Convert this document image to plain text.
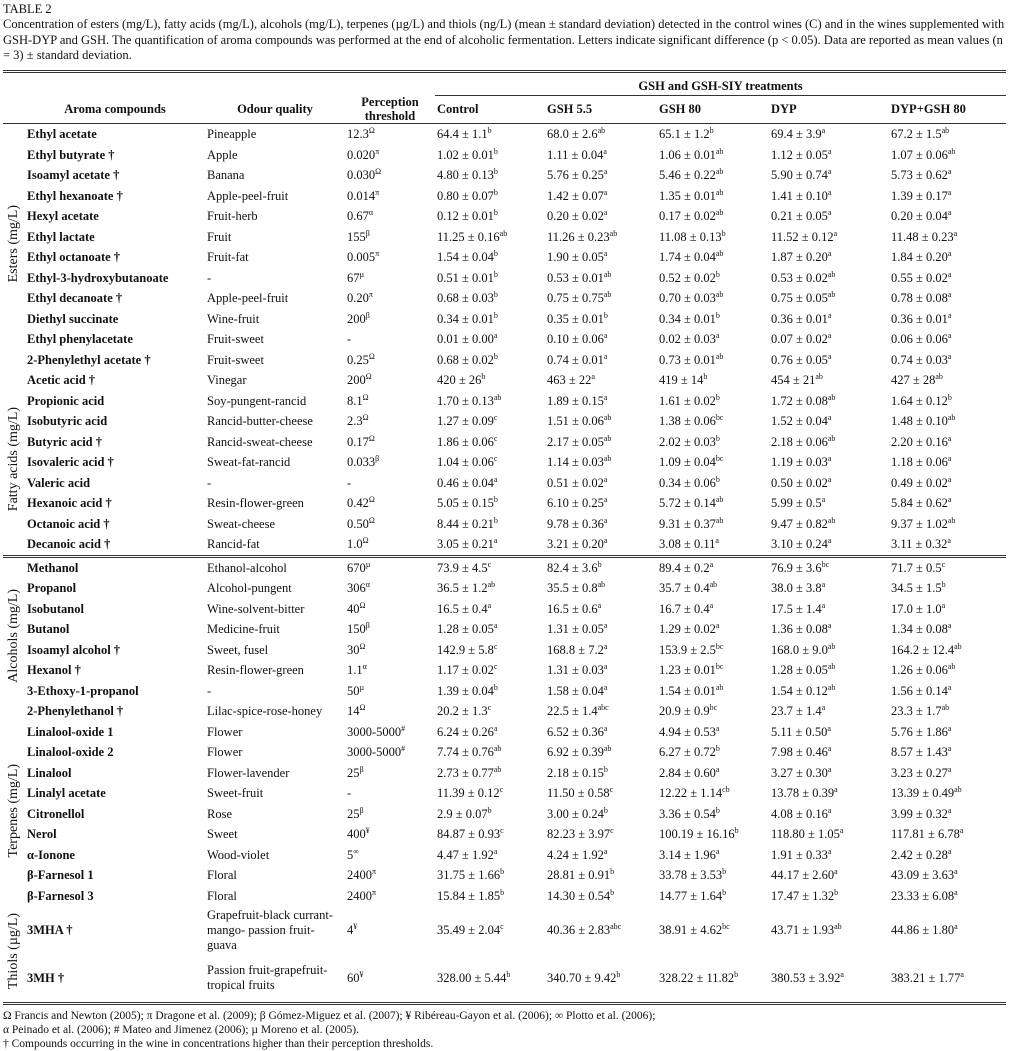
TABLE 2
Concentration of esters (mg/L), fatty acids (mg/L), alcohols (mg/L), terpenes (µg/L) and thiols (ng/L) (mean ± standard deviation) detected in the control wines (C) and in the wines supplemented with GSH-DYP and GSH. The quantification of aroma compounds was performed at the end of alcoholic fermentation. Letters indicate significant difference (p < 0.05). Data are reported as mean values (n = 3) ± standard deviation.
				GSH and GSH-SIY treatments				
	Aroma compounds	Odour quality	Perception threshold	Control	GSH 5.5	GSH 80	DYP	DYP+GSH 80
Esters (mg/L)	Ethyl acetate	Pineapple	$12.3^\Omega$	64.4 ± 1.1$^b$	68.0 ± 2.6$^{ab}$	65.1 ± 1.2$^b$	69.4 ± 3.9$^a$	67.2 ± 1.5$^{ab}$
	Ethyl butyrate †	Apple	$0.020^\pi$	1.02 ± 0.01$^b$	1.11 ± 0.04$^a$	1.06 ± 0.01$^{ab}$	1.12 ± 0.05$^a$	1.07 ± 0.06$^{ab}$
	Isoamyl acetate †	Banana	$0.030^\Omega$	4.80 ± 0.13$^b$	5.76 ± 0.25$^a$	5.46 ± 0.22$^{ab}$	5.90 ± 0.74$^a$	5.73 ± 0.62$^a$
	Ethyl hexanoate †	Apple-peel-fruit	$0.014^\pi$	0.80 ± 0.07$^b$	1.42 ± 0.07$^a$	1.35 ± 0.01$^{ab}$	1.41 ± 0.10$^a$	1.39 ± 0.17$^a$
	Hexyl acetate	Fruit-herb	$0.67^\alpha$	0.12 ± 0.01$^b$	0.20 ± 0.02$^a$	0.17 ± 0.02$^{ab}$	0.21 ± 0.05$^a$	0.20 ± 0.04$^a$
	Ethyl lactate	Fruit	$155^\beta$	11.25 ± 0.16$^{ab}$	11.26 ± 0.23$^{ab}$	11.08 ± 0.13$^b$	11.52 ± 0.12$^a$	11.48 ± 0.23$^a$
	Ethyl octanoate †	Fruit-fat	$0.005^\pi$	1.54 ± 0.04$^b$	1.90 ± 0.05$^a$	1.74 ± 0.04$^{ab}$	1.87 ± 0.20$^a$	1.84 ± 0.20$^a$
	Ethyl-3-hydroxybutanoate	-	$67^\mu$	0.51 ± 0.01$^b$	0.53 ± 0.01$^{ab}$	0.52 ± 0.02$^b$	0.53 ± 0.02$^{ab}$	0.55 ± 0.02$^a$
	Ethyl decanoate †	Apple-peel-fruit	$0.20^\pi$	0.68 ± 0.03$^b$	0.75 ± 0.75$^{ab}$	0.70 ± 0.03$^{ab}$	0.75 ± 0.05$^{ab}$	0.78 ± 0.08$^a$
	Diethyl succinate	Wine-fruit	$200^\beta$	0.34 ± 0.01$^b$	0.35 ± 0.01$^b$	0.34 ± 0.01$^b$	0.36 ± 0.01$^a$	0.36 ± 0.01$^a$
	Ethyl phenylacetate	Fruit-sweet	-	0.01 ± 0.00$^a$	0.10 ± 0.06$^a$	0.02 ± 0.03$^a$	0.07 ± 0.02$^a$	0.06 ± 0.06$^a$
	2-Phenylethyl acetate †	Fruit-sweet	$0.25^\Omega$	0.68 ± 0.02$^b$	0.74 ± 0.01$^a$	0.73 ± 0.01$^{ab}$	0.76 ± 0.05$^a$	0.74 ± 0.03$^a$
Fatty acids (mg/L)	Acetic acid †	Vinegar	$200^\Omega$	$420 \pm 26^b$	$463 \pm 22^a$	$419 \pm 14^b$	$454 \pm 21^{ab}$	$427 \pm 28^{ab}$
	Propionic acid	Soy-pungent-rancid	$8.1^\Omega$	1.70 ± 0.13$^{ab}$	1.89 ± 0.15$^a$	1.61 ± 0.02$^b$	1.72 ± 0.08$^{ab}$	1.64 ± 0.12$^b$
	Isobutyric acid	Rancid-butter-cheese	$2.3^\Omega$	1.27 ± 0.09$^c$	1.51 ± 0.06$^{ab}$	1.38 ± 0.06$^{bc}$	1.52 ± 0.04$^a$	1.48 ± 0.10$^{ab}$
	Butyric acid †	Rancid-sweat-cheese	$0.17^\Omega$	1.86 ± 0.06$^c$	2.17 ± 0.05$^{ab}$	2.02 ± 0.03$^b$	2.18 ± 0.06$^{ab}$	2.20 ± 0.16$^a$
	Isovaleric acid †	Sweat-fat-rancid	$0.033^\beta$	1.04 ± 0.06$^c$	1.14 ± 0.03$^{ab}$	1.09 ± 0.04$^{bc}$	1.19 ± 0.03$^a$	1.18 ± 0.06$^a$
	Valeric acid	-	-	0.46 ± 0.04$^a$	0.51 ± 0.02$^a$	0.34 ± 0.06$^b$	0.50 ± 0.02$^a$	0.49 ± 0.02$^a$
	Hexanoic acid †	Resin-flower-green	$0.42^\Omega$	5.05 ± 0.15$^b$	6.10 ± 0.25$^a$	5.72 ± 0.14$^{ab}$	5.99 ± 0.5$^a$	5.84 ± 0.62$^a$
	Octanoic acid †	Sweat-cheese	$0.50^\Omega$	8.44 ± 0.21$^b$	9.78 ± 0.36$^a$	9.31 ± 0.37$^{ab}$	9.47 ± 0.82$^{ab}$	9.37 ± 1.02$^{ab}$
	Decanoic acid †	Rancid-fat	$1.0^\Omega$	3.05 ± 0.21$^a$	3.21 ± 0.20$^a$	3.08 ± 0.11$^a$	3.10 ± 0.24$^a$	3.11 ± 0.32$^a$
Alcohols (mg/L)	Methanol	Ethanol-alcohol	$670^\mu$	73.9 ± 4.5$^c$	82.4 ± 3.6$^b$	89.4 ± 0.2$^a$	76.9 ± 3.6$^{bc}$	71.7 ± 0.5$^c$
	Propanol	Alcohol-pungent	$306^\alpha$	36.5 ± 1.2$^{ab}$	35.5 ± 0.8$^{ab}$	35.7 ± 0.4$^{ab}$	38.0 ± 3.8$^a$	34.5 ± 1.5$^b$
	Isobutanol	Wine-solvent-bitter	$40^\Omega$	16.5 ± 0.4$^a$	16.5 ± 0.6$^a$	16.7 ± 0.4$^a$	17.5 ± 1.4$^a$	17.0 ± 1.0$^a$
	Butanol	Medicine-fruit	$150^\beta$	1.28 ± 0.05$^a$	1.31 ± 0.05$^a$	1.29 ± 0.02$^a$	1.36 ± 0.08$^a$	1.34 ± 0.08$^a$
	Isoamyl alcohol †	Sweet, fusel	$30^\Omega$	142.9 ± 5.8$^c$	168.8 ± 7.2$^a$	153.9 ± 2.5$^{bc}$	168.0 ± 9.0$^{ab}$	164.2 ± 12.4$^{ab}$
	Hexanol †	Resin-flower-green	$1.1^\alpha$	1.17 ± 0.02$^c$	1.31 ± 0.03$^a$	1.23 ± 0.01$^{bc}$	1.28 ± 0.05$^{ab}$	1.26 ± 0.06$^{ab}$
	3-Ethoxy-1-propanol	-	$50^\mu$	1.39 ± 0.04$^b$	1.58 ± 0.04$^a$	1.54 ± 0.01$^{ab}$	1.54 ± 0.12$^{ab}$	1.56 ± 0.14$^a$
	2-Phenylethanol †	Lilac-spice-rose-honey	$14^\Omega$	20.2 ± 1.3$^c$	22.5 ± 1.4$^{abc}$	20.9 ± 0.9$^{bc}$	23.7 ± 1.4$^a$	23.3 ± 1.7$^{ab}$
Terpenes (mg/L)	Linalool-oxide 1	Flower	3000-5000#	6.24 ± 0.26$^a$	6.52 ± 0.36$^a$	4.94 ± 0.53$^a$	5.11 ± 0.50$^a$	5.76 ± 1.86$^a$
	Linalool-oxide 2	Flower	3000-5000#	7.74 ± 0.76$^{ab}$	6.92 ± 0.39$^{ab}$	6.27 ± 0.72$^b$	7.98 ± 0.46$^a$	8.57 ± 1.43$^a$
	Linalool	Flower-lavender	$25^\beta$	2.73 ± 0.77$^{ab}$	2.18 ± 0.15$^b$	2.84 ± 0.60$^a$	3.27 ± 0.30$^a$	3.23 ± 0.27$^a$
	Linalyl acetate	Sweet-fruit	-	11.39 ± 0.12$^c$	11.50 ± 0.58$^c$	12.22 ± 1.14$^{cb}$	13.78 ± 0.39$^a$	13.39 ± 0.49$^{ab}$
	Citronellol	Rose	$25^\beta$	2.9 ± 0.07$^b$	3.00 ± 0.24$^b$	3.36 ± 0.54$^b$	4.08 ± 0.16$^a$	3.99 ± 0.32$^a$
	Nerol	Sweet	400¥	84.87 ± 0.93$^c$	82.23 ± 3.97$^c$	100.19 ± 16.16$^b$	118.80 ± 1.05$^a$	117.81 ± 6.78$^a$
	α-Ionone	Wood-violet	5∞	4.47 ± 1.92$^a$	4.24 ± 1.92$^a$	3.14 ± 1.96$^a$	1.91 ± 0.33$^a$	2.42 ± 0.28$^a$
	β-Farnesol 1	Floral	$2400^\pi$	31.75 ± 1.66$^b$	28.81 ± 0.91$^b$	33.78 ± 3.53$^b$	44.17 ± 2.60$^a$	43.09 ± 3.63$^a$
	β-Farnesol 3	Floral	$2400^\pi$	15.84 ± 1.85$^b$	14.30 ± 0.54$^b$	14.77 ± 1.64$^b$	17.47 ± 1.32$^b$	23.33 ± 6.08$^a$
Thiols (µg/L)	3MHA †	Grapefruit-black currant-mango- passion fruit-guava	4¥	35.49 ± 2.04$^c$	40.36 ± 2.83$^{abc}$	38.91 ± 4.62$^{bc}$	43.71 ± 1.93$^{ab}$	44.86 ± 1.80$^a$
	3MH †	Passion fruit-grapefruit-tropical fruits	60¥	328.00 ± 5.44$^b$	340.70 ± 9.42$^b$	328.22 ± 11.82$^b$	380.53 ± 3.92$^a$	383.21 ± 1.77$^a$
Ω Francis and Newton (2005); π Dragone et al. (2009); β Gómez-Miguez et al. (2007); ¥ Ribéreau-Gayon et al. (2006); ∞ Plotto et al. (2006);
α Peinado et al. (2006); # Mateo and Jimenez (2006); µ Moreno et al. (2005).
† Compounds occurring in the wine in concentrations higher than their perception thresholds.
